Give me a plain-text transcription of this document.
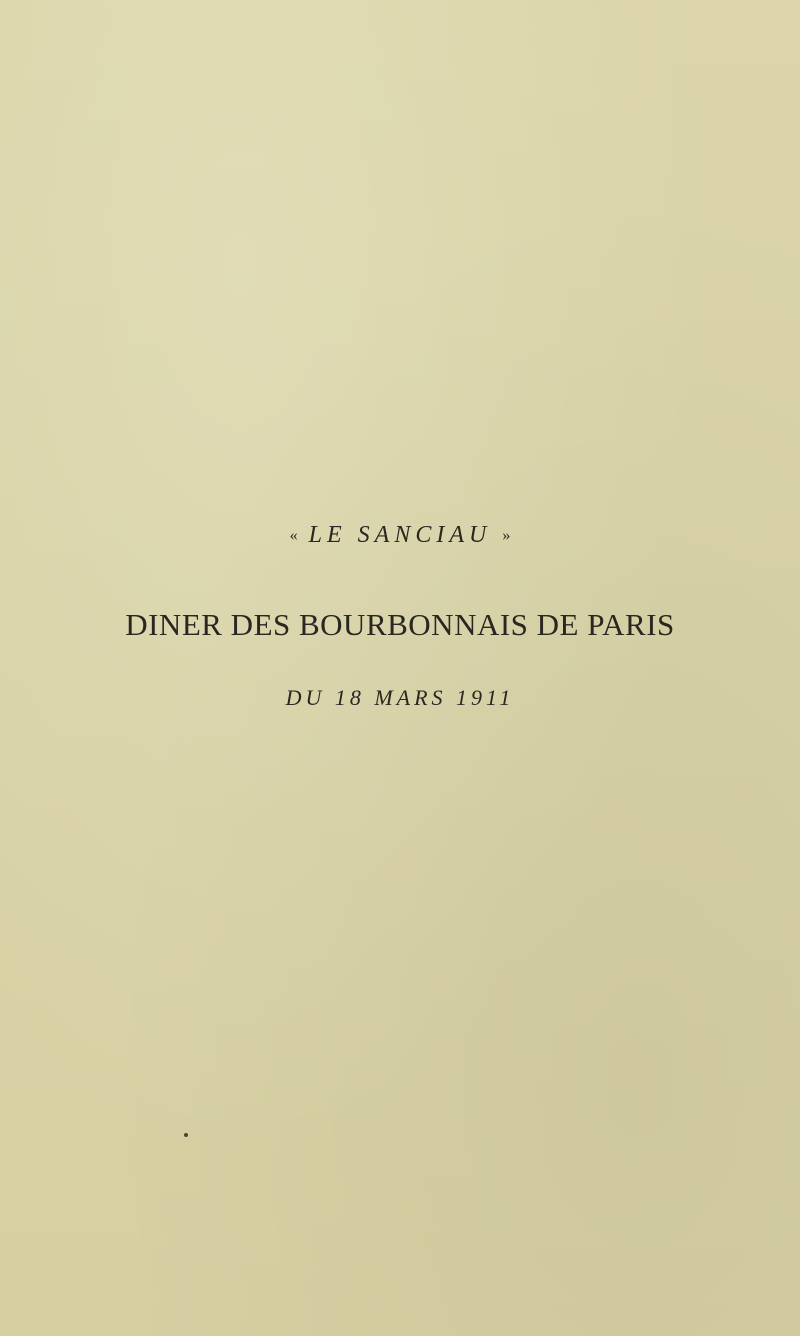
« LE SANCIAU »
DINER DES BOURBONNAIS DE PARIS
DU 18 MARS 1911
